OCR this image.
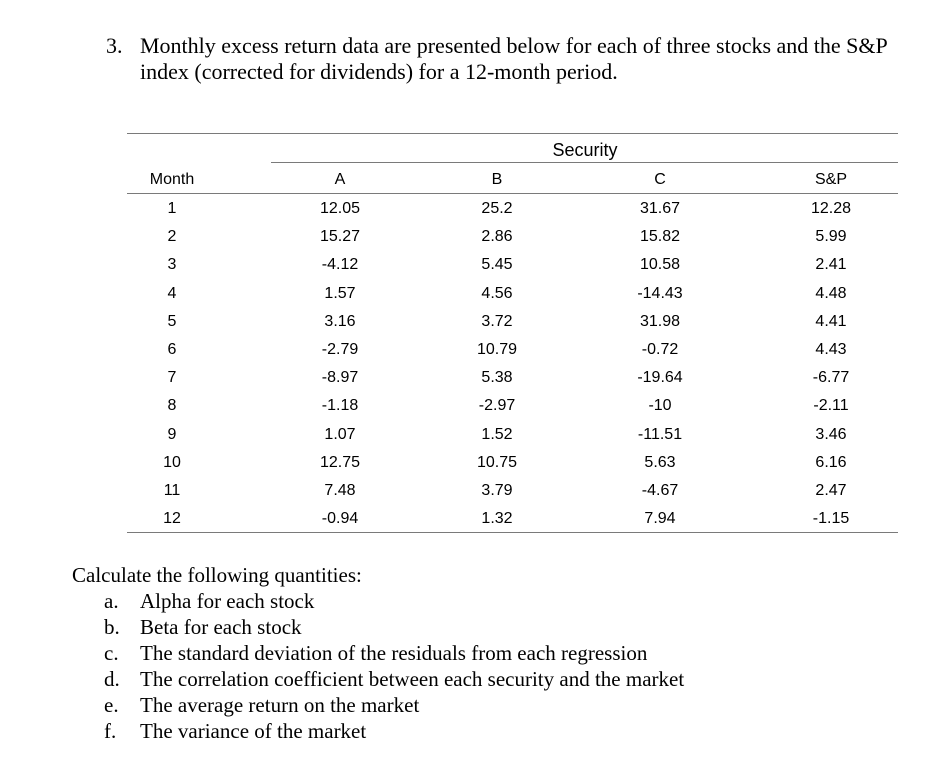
3. Monthly excess return data are presented below for each of three stocks and the S&P index (corrected for dividends) for a 12-month period.
Security
Month	A	B	C	S&P
1	12.05	25.2	31.67	12.28
2	15.27	2.86	15.82	5.99
3	-4.12	5.45	10.58	2.41
4	1.57	4.56	-14.43	4.48
5	3.16	3.72	31.98	4.41
6	-2.79	10.79	-0.72	4.43
7	-8.97	5.38	-19.64	-6.77
8	-1.18	-2.97	-10	-2.11
9	1.07	1.52	-11.51	3.46
10	12.75	10.75	5.63	6.16
11	7.48	3.79	-4.67	2.47
12	-0.94	1.32	7.94	-1.15
Calculate the following quantities:
a. Alpha for each stock
b. Beta for each stock
c. The standard deviation of the residuals from each regression
d. The correlation coefficient between each security and the market
e. The average return on the market
f. The variance of the market
